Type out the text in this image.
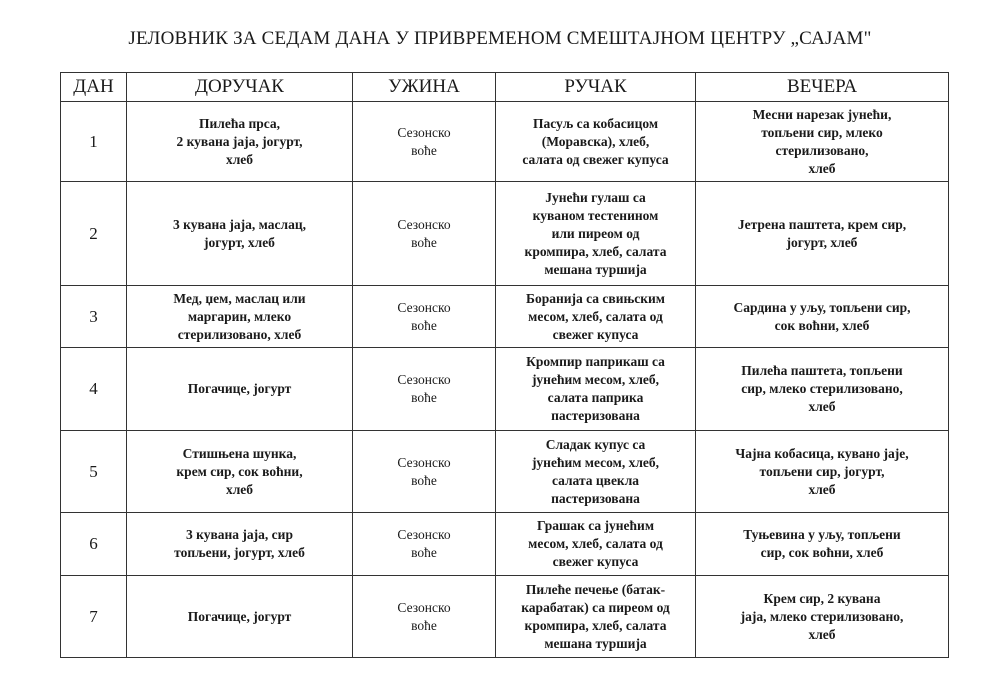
ЈЕЛОВНИК ЗА СЕДАМ ДАНА У ПРИВРЕМЕНОМ СМЕШТАЈНОМ ЦЕНТРУ „САЈАМ"
ДАН	ДОРУЧАК	УЖИНА	РУЧАК	ВЕЧЕРА
1	Пилећа прса,
2 кувана јаја, јогурт,
хлеб	Сезонско
воће	Пасуљ са кобасицом
(Моравска), хлеб,
салата од свежег купуса	Месни нарезак јунећи,
топљени сир, млеко
стерилизовано,
хлеб
2	3 кувана јаја, маслац,
јогурт, хлеб	Сезонско
воће	Јунећи гулаш са
куваном тестенином
или пиреом од
кромпира, хлеб, салата
мешана туршија	Јетрена паштета, крем сир,
јогурт, хлеб
3	Мед, џем, маслац или
маргарин, млеко
стерилизовано, хлеб	Сезонско
воће	Боранија са свињским
месом, хлеб, салата од
свежег купуса	Сардина у уљу, топљени сир,
сок воћни, хлеб
4	Погачице, јогурт	Сезонско
воће	Кромпир паприкаш са
јунећим месом, хлеб,
салата паприка
пастеризована	Пилећа паштета, топљени
сир, млеко стерилизовано,
хлеб
5	Стишњена шунка,
крем сир, сок воћни,
хлеб	Сезонско
воће	Сладак купус са
јунећим месом, хлеб,
салата цвекла
пастеризована	Чајна кобасица, кувано јаје,
топљени сир, јогурт,
хлеб
6	3 кувана јаја, сир
топљени, јогурт, хлеб	Сезонско
воће	Грашак са јунећим
месом, хлеб, салата од
свежег купуса	Туњевина у уљу, топљени
сир, сок воћни, хлеб
7	Погачице, јогурт	Сезонско
воће	Пилеће печење (батак-
карабатак) са пиреом од
кромпира, хлеб, салата
мешана туршија	Крем сир, 2 кувана
јаја, млеко стерилизовано,
хлеб
